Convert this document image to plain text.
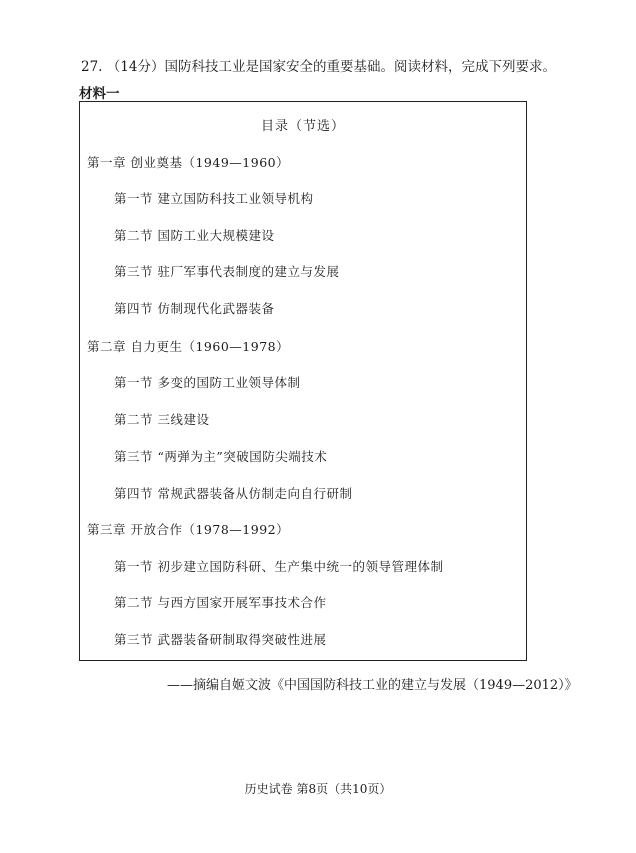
27. （14分）国防科技工业是国家安全的重要基础。阅读材料，完成下列要求。
材料一
目录（节选）
第一章 创业奠基（1949—1960）
第一节 建立国防科技工业领导机构
第二节 国防工业大规模建设
第三节 驻厂军事代表制度的建立与发展
第四节 仿制现代化武器装备
第二章 自力更生（1960—1978）
第一节 多变的国防工业领导体制
第二节 三线建设
第三节 “两弹为主”突破国防尖端技术
第四节 常规武器装备从仿制走向自行研制
第三章 开放合作（1978—1992）
第一节 初步建立国防科研、生产集中统一的领导管理体制
第二节 与西方国家开展军事技术合作
第三节 武器装备研制取得突破性进展
——摘编自姬文波《中国国防科技工业的建立与发展（1949—2012）》
历史试卷 第8页（共10页）
